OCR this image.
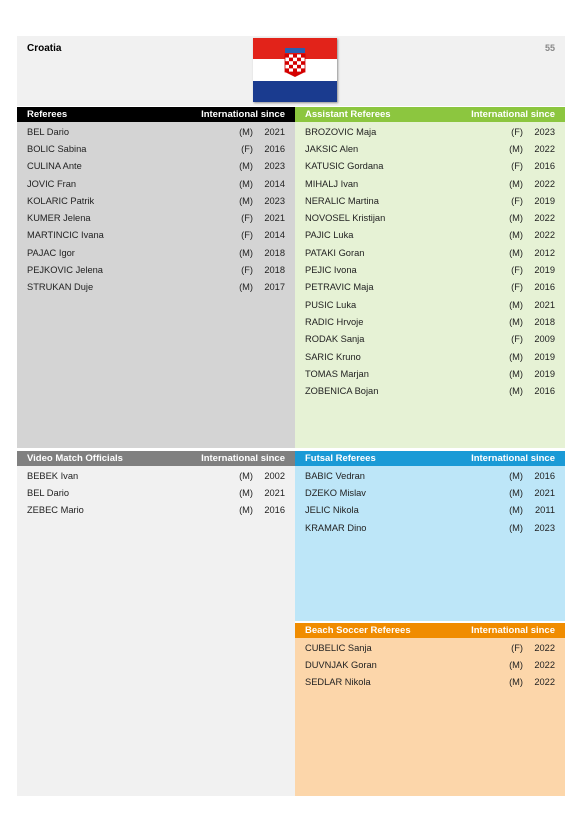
Croatia	55
Referees	International since
BEL Dario	(M)	2021
BOLIC Sabina	(F)	2016
CULINA Ante	(M)	2023
JOVIC Fran	(M)	2014
KOLARIC Patrik	(M)	2023
KUMER Jelena	(F)	2021
MARTINCIC Ivana	(F)	2014
PAJAC Igor	(M)	2018
PEJKOVIC Jelena	(F)	2018
STRUKAN Duje	(M)	2017
Assistant Referees	International since
BROZOVIC Maja	(F)	2023
JAKSIC Alen	(M)	2022
KATUSIC Gordana	(F)	2016
MIHALJ Ivan	(M)	2022
NERALIC Martina	(F)	2019
NOVOSEL Kristijan	(M)	2022
PAJIC Luka	(M)	2022
PATAKI Goran	(M)	2012
PEJIC Ivona	(F)	2019
PETRAVIC Maja	(F)	2016
PUSIC Luka	(M)	2021
RADIC Hrvoje	(M)	2018
RODAK Sanja	(F)	2009
SARIC Kruno	(M)	2019
TOMAS Marjan	(M)	2019
ZOBENICA Bojan	(M)	2016
Video Match Officials	International since
BEBEK Ivan	(M)	2002
BEL Dario	(M)	2021
ZEBEC Mario	(M)	2016
Futsal Referees	International since
BABIC Vedran	(M)	2016
DZEKO Mislav	(M)	2021
JELIC Nikola	(M)	2011
KRAMAR Dino	(M)	2023
Beach Soccer Referees	International since
CUBELIC Sanja	(F)	2022
DUVNJAK Goran	(M)	2022
SEDLAR Nikola	(M)	2022
